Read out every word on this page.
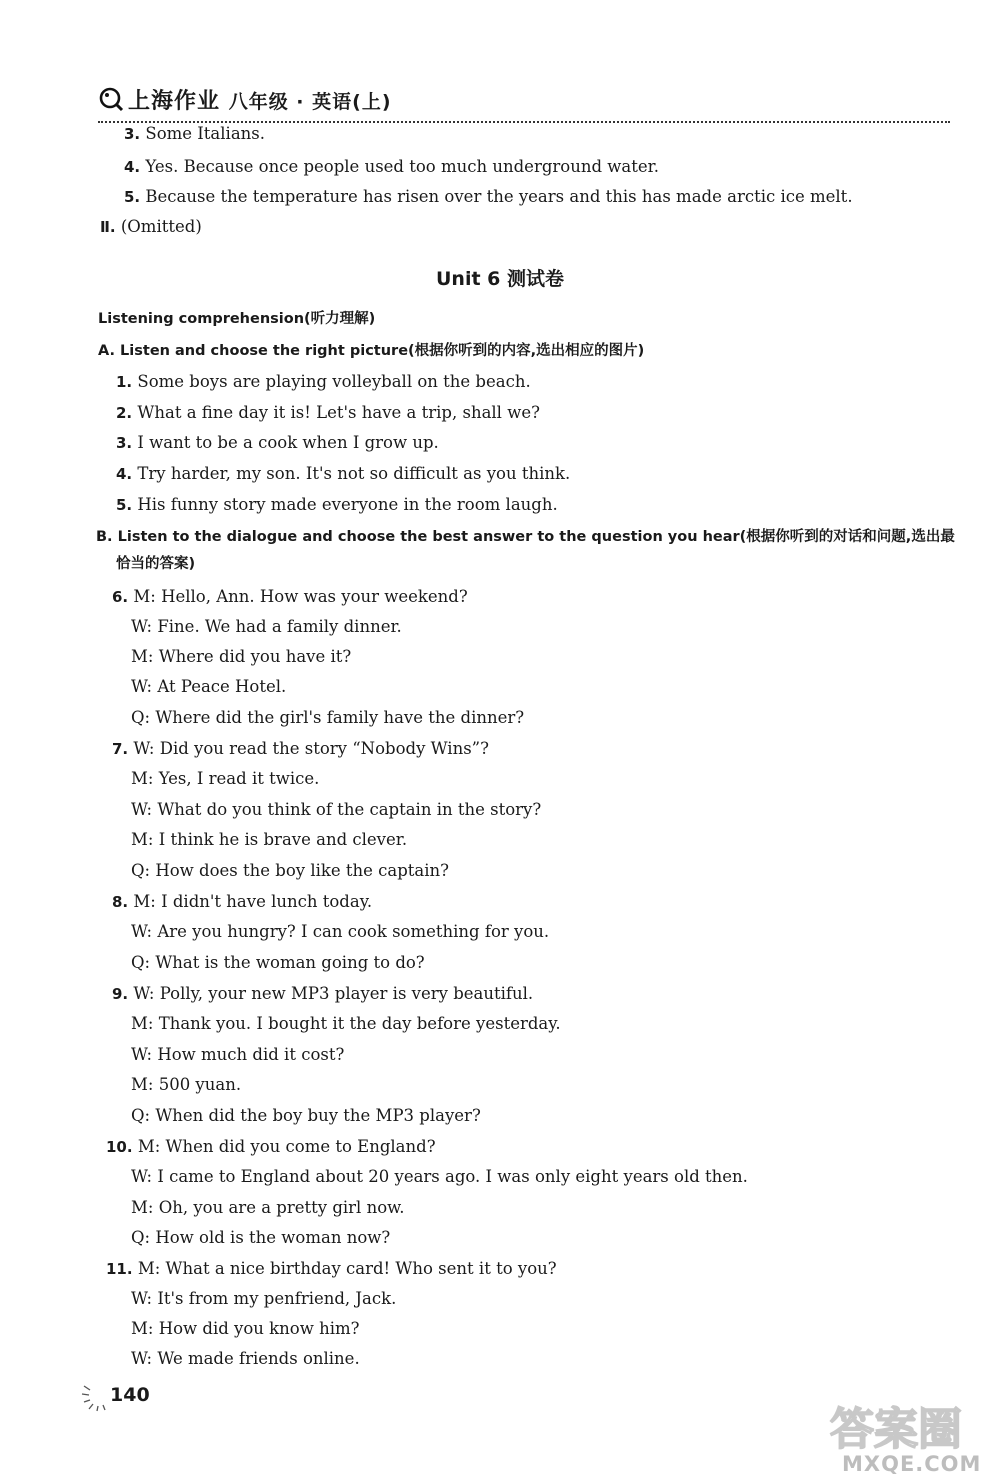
上海作业 八年级 · 英语(上)
3. Some Italians.
4. Yes. Because once people used too much underground water.
5. Because the temperature has risen over the years and this has made arctic ice melt.
Ⅱ. (Omitted)
Unit 6 测试卷
Listening comprehension(听力理解)
A. Listen and choose the right picture(根据你听到的内容,选出相应的图片)
1. Some boys are playing volleyball on the beach.
2. What a fine day it is! Let's have a trip, shall we?
3. I want to be a cook when I grow up.
4. Try harder, my son. It's not so difficult as you think.
5. His funny story made everyone in the room laugh.
B. Listen to the dialogue and choose the best answer to the question you hear(根据你听到的对话和问题,选出最
恰当的答案)
6. M: Hello, Ann. How was your weekend?
W: Fine. We had a family dinner.
M: Where did you have it?
W: At Peace Hotel.
Q: Where did the girl's family have the dinner?
7. W: Did you read the story “Nobody Wins”?
M: Yes, I read it twice.
W: What do you think of the captain in the story?
M: I think he is brave and clever.
Q: How does the boy like the captain?
8. M: I didn't have lunch today.
W: Are you hungry? I can cook something for you.
Q: What is the woman going to do?
9. W: Polly, your new MP3 player is very beautiful.
M: Thank you. I bought it the day before yesterday.
W: How much did it cost?
M: 500 yuan.
Q: When did the boy buy the MP3 player?
10. M: When did you come to England?
W: I came to England about 20 years ago. I was only eight years old then.
M: Oh, you are a pretty girl now.
Q: How old is the woman now?
11. M: What a nice birthday card! Who sent it to you?
W: It's from my penfriend, Jack.
M: How did you know him?
W: We made friends online.
140
答案圈
MXQE.COM
